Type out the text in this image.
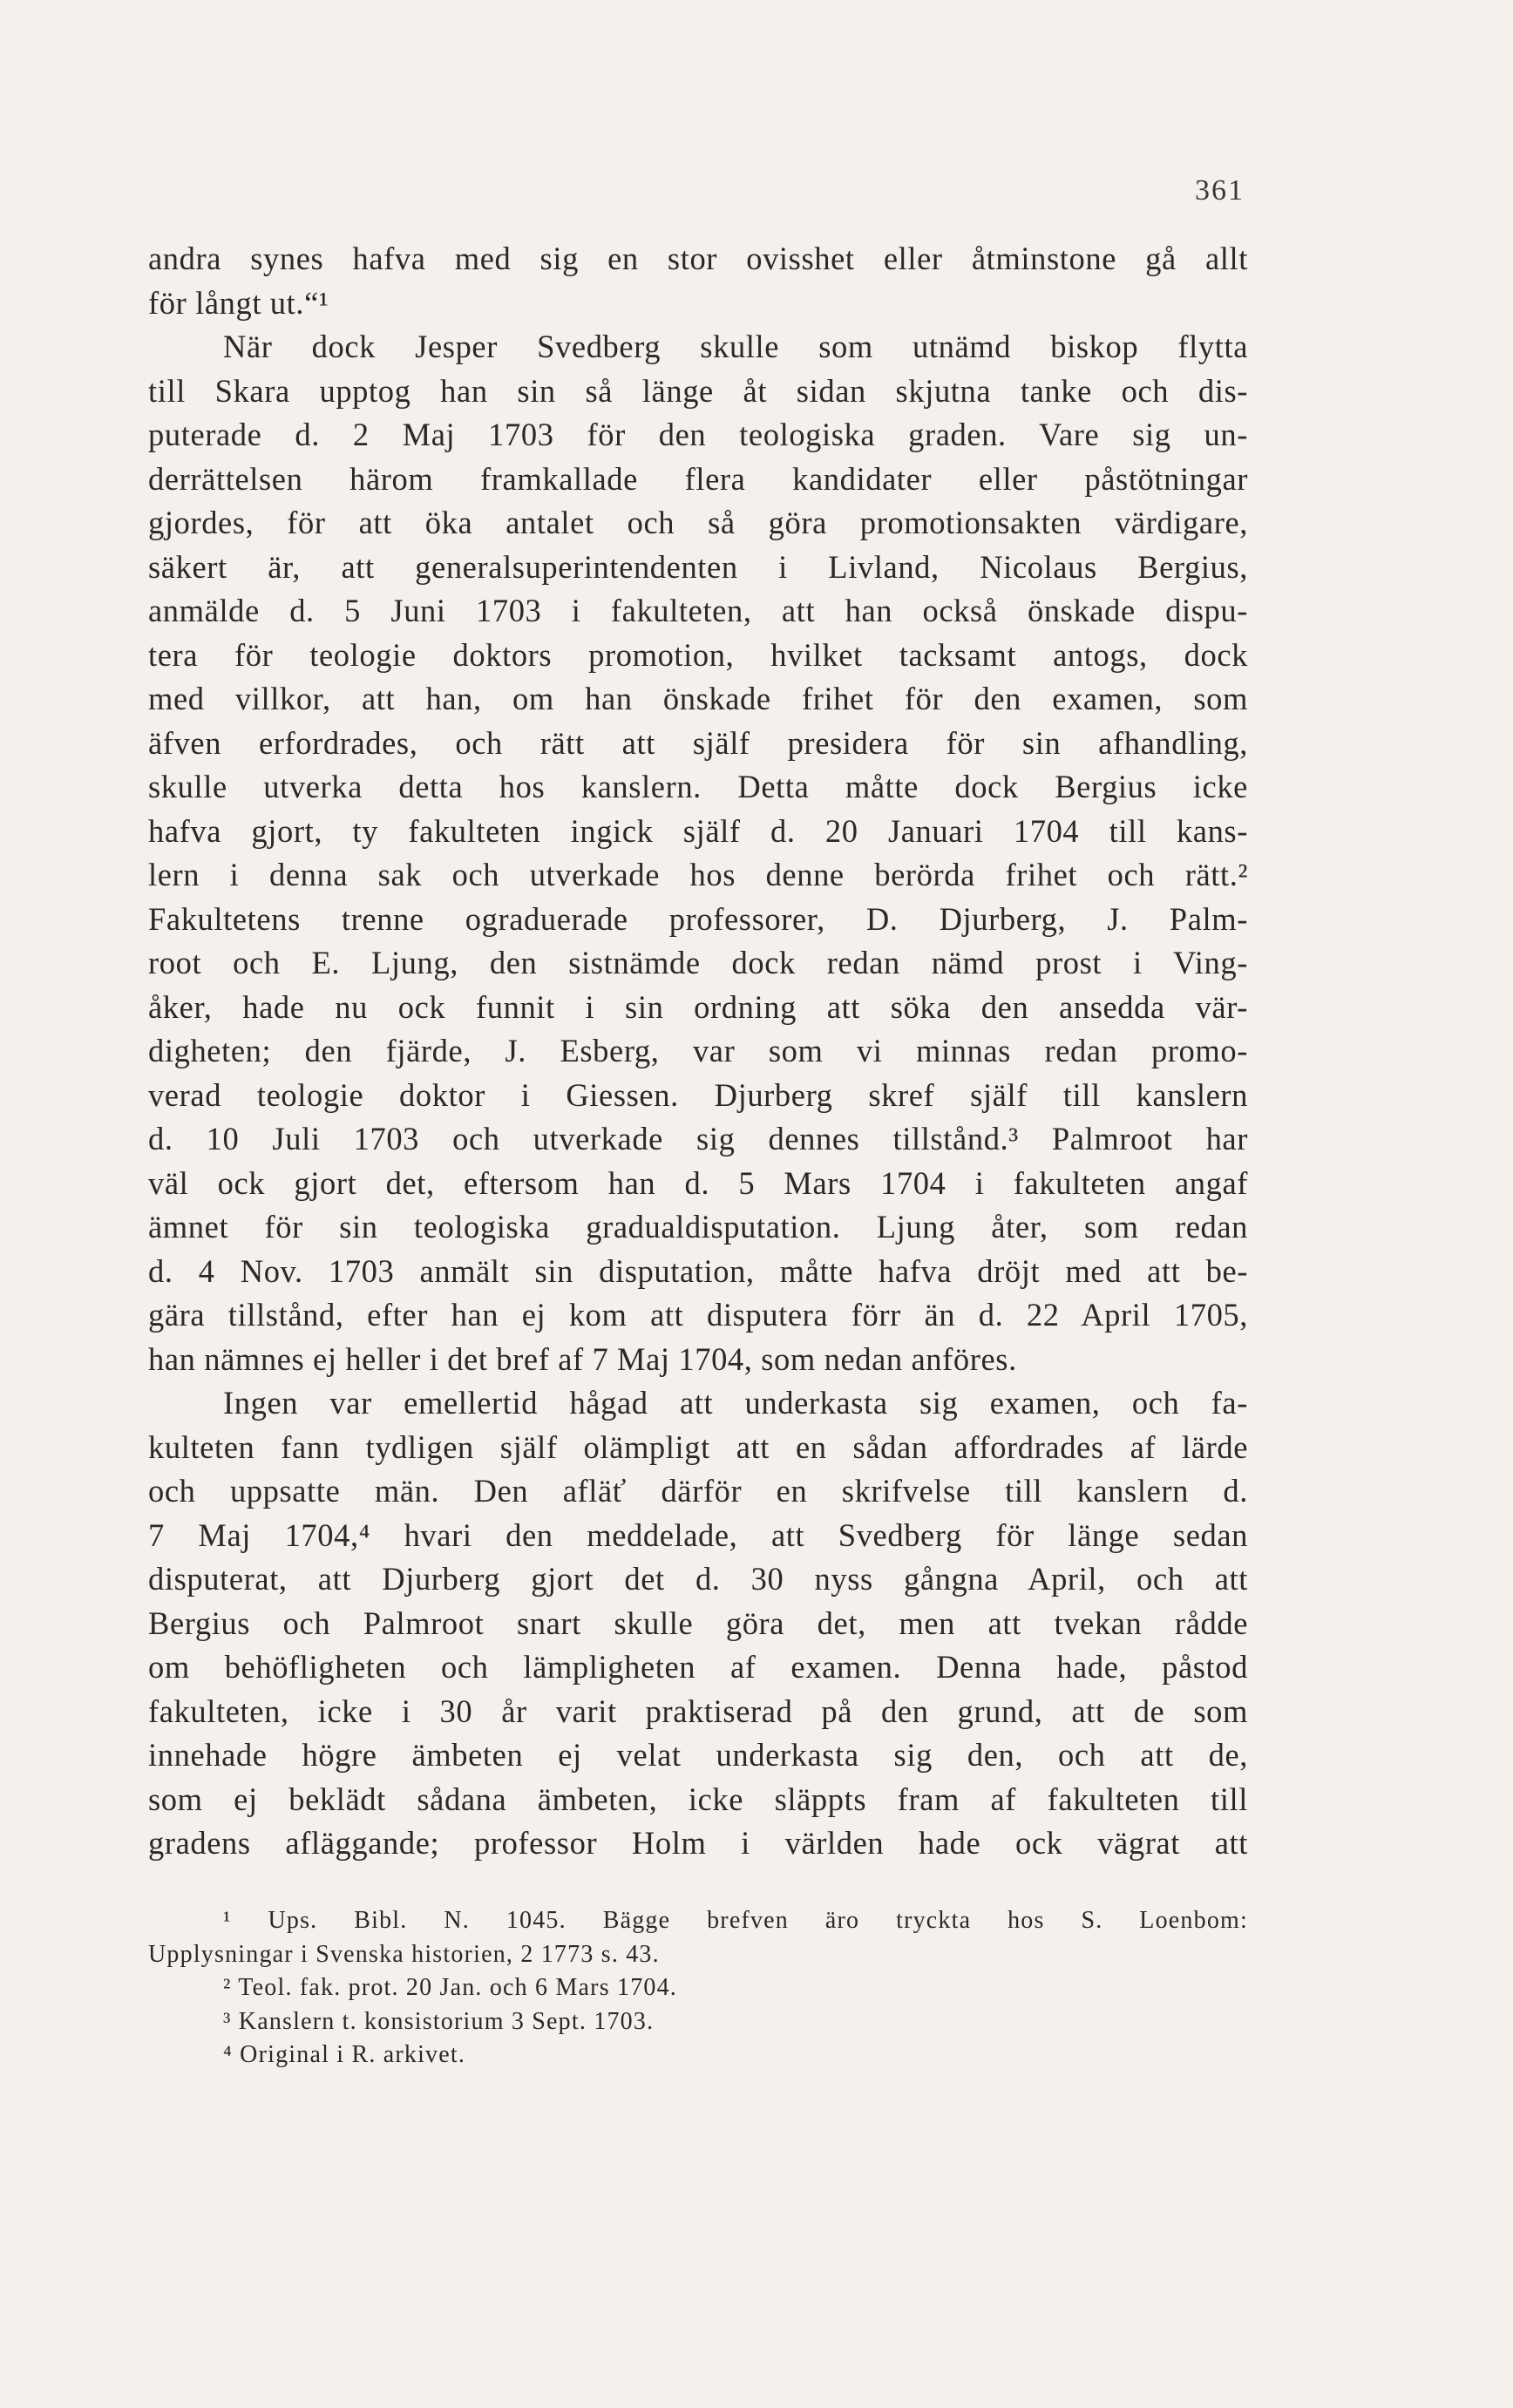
361
andra synes hafva med sig en stor ovisshet eller åtminstone gå allt
för långt ut.“¹
När dock Jesper Svedberg skulle som utnämd biskop flytta
till Skara upptog han sin så länge åt sidan skjutna tanke och dis-
puterade d. 2 Maj 1703 för den teologiska graden. Vare sig un-
derrättelsen härom framkallade flera kandidater eller påstötningar
gjordes, för att öka antalet och så göra promotionsakten värdigare,
säkert är, att generalsuperintendenten i Livland, Nicolaus Bergius,
anmälde d. 5 Juni 1703 i fakulteten, att han också önskade dispu-
tera för teologie doktors promotion, hvilket tacksamt antogs, dock
med villkor, att han, om han önskade frihet för den examen, som
äfven erfordrades, och rätt att själf presidera för sin afhandling,
skulle utverka detta hos kanslern. Detta måtte dock Bergius icke
hafva gjort, ty fakulteten ingick själf d. 20 Januari 1704 till kans-
lern i denna sak och utverkade hos denne berörda frihet och rätt.²
Fakultetens trenne ograduerade professorer, D. Djurberg, J. Palm-
root och E. Ljung, den sistnämde dock redan nämd prost i Ving-
åker, hade nu ock funnit i sin ordning att söka den ansedda vär-
digheten; den fjärde, J. Esberg, var som vi minnas redan promo-
verad teologie doktor i Giessen. Djurberg skref själf till kanslern
d. 10 Juli 1703 och utverkade sig dennes tillstånd.³ Palmroot har
väl ock gjort det, eftersom han d. 5 Mars 1704 i fakulteten angaf
ämnet för sin teologiska gradualdisputation. Ljung åter, som redan
d. 4 Nov. 1703 anmält sin disputation, måtte hafva dröjt med att be-
gära tillstånd, efter han ej kom att disputera förr än d. 22 April 1705,
han nämnes ej heller i det bref af 7 Maj 1704, som nedan anföres.
Ingen var emellertid hågad att underkasta sig examen, och fa-
kulteten fann tydligen själf olämpligt att en sådan affordrades af lärde
och uppsatte män. Den afläť därför en skrifvelse till kanslern d.
7 Maj 1704,⁴ hvari den meddelade, att Svedberg för länge sedan
disputerat, att Djurberg gjort det d. 30 nyss gångna April, och att
Bergius och Palmroot snart skulle göra det, men att tvekan rådde
om behöfligheten och lämpligheten af examen. Denna hade, påstod
fakulteten, icke i 30 år varit praktiserad på den grund, att de som
innehade högre ämbeten ej velat underkasta sig den, och att de,
som ej beklädt sådana ämbeten, icke släppts fram af fakulteten till
gradens afläggande; professor Holm i världen hade ock vägrat att
¹ Ups. Bibl. N. 1045. Bägge brefven äro tryckta hos S. Loenbom:
Upplysningar i Svenska historien, 2 1773 s. 43.
² Teol. fak. prot. 20 Jan. och 6 Mars 1704.
³ Kanslern t. konsistorium 3 Sept. 1703.
⁴ Original i R. arkivet.
